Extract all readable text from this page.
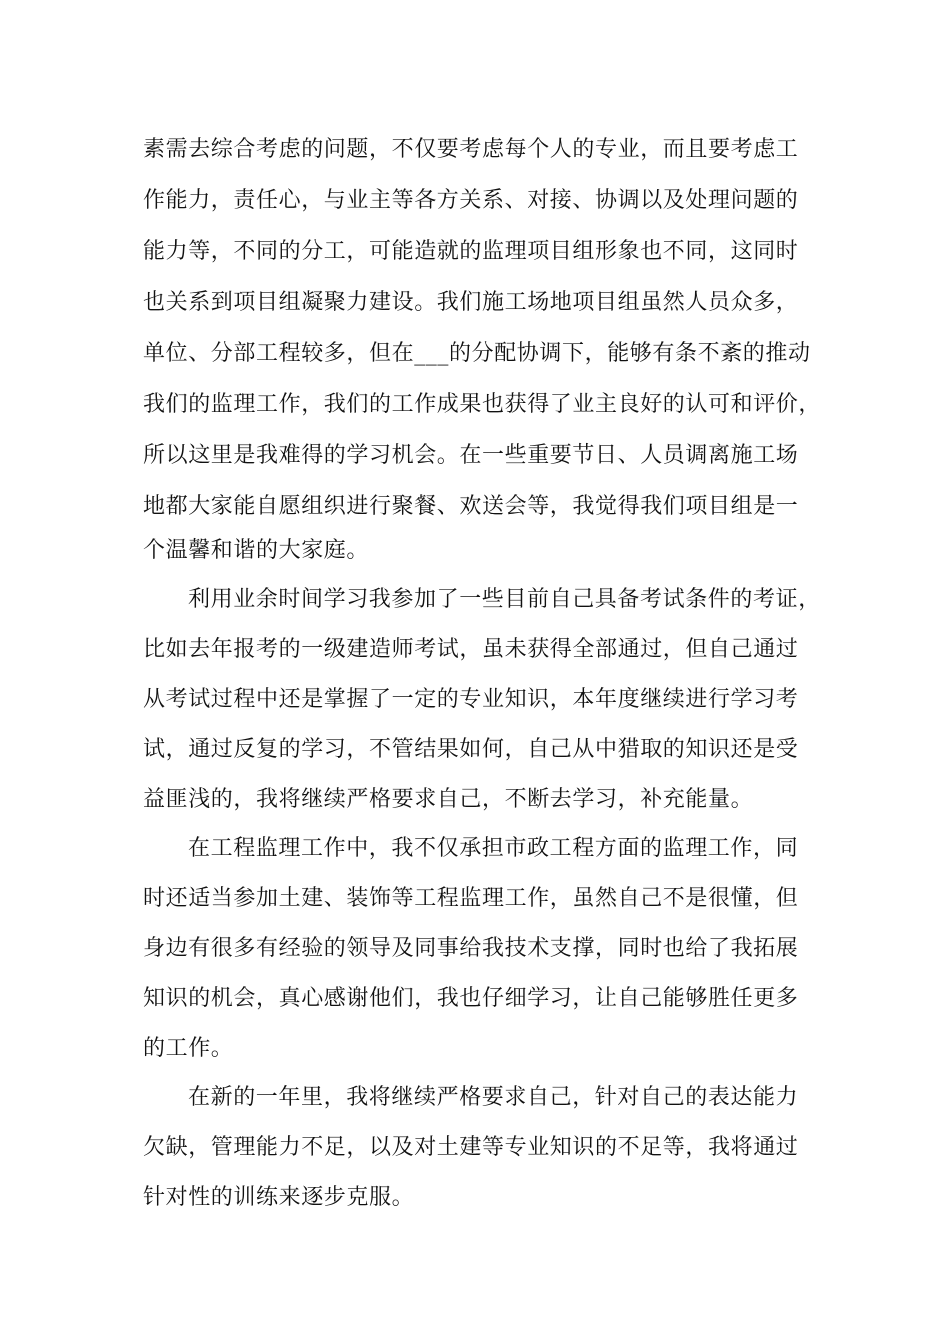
素需去综合考虑的问题，不仅要考虑每个人的专业，而且要考虑工
作能力，责任心，与业主等各方关系、对接、协调以及处理问题的
能力等，不同的分工，可能造就的监理项目组形象也不同，这同时
也关系到项目组凝聚力建设。我们施工场地项目组虽然人员众多，
单位、分部工程较多，但在___的分配协调下，能够有条不紊的推动
我们的监理工作，我们的工作成果也获得了业主良好的认可和评价，
所以这里是我难得的学习机会。在一些重要节日、人员调离施工场
地都大家能自愿组织进行聚餐、欢送会等，我觉得我们项目组是一
个温馨和谐的大家庭。
利用业余时间学习我参加了一些目前自己具备考试条件的考证，
比如去年报考的一级建造师考试，虽未获得全部通过，但自己通过
从考试过程中还是掌握了一定的专业知识，本年度继续进行学习考
试，通过反复的学习，不管结果如何，自己从中猎取的知识还是受
益匪浅的，我将继续严格要求自己，不断去学习，补充能量。
在工程监理工作中，我不仅承担市政工程方面的监理工作，同
时还适当参加土建、装饰等工程监理工作，虽然自己不是很懂，但
身边有很多有经验的领导及同事给我技术支撑，同时也给了我拓展
知识的机会，真心感谢他们，我也仔细学习，让自己能够胜任更多
的工作。
在新的一年里，我将继续严格要求自己，针对自己的表达能力
欠缺，管理能力不足，以及对土建等专业知识的不足等，我将通过
针对性的训练来逐步克服。
